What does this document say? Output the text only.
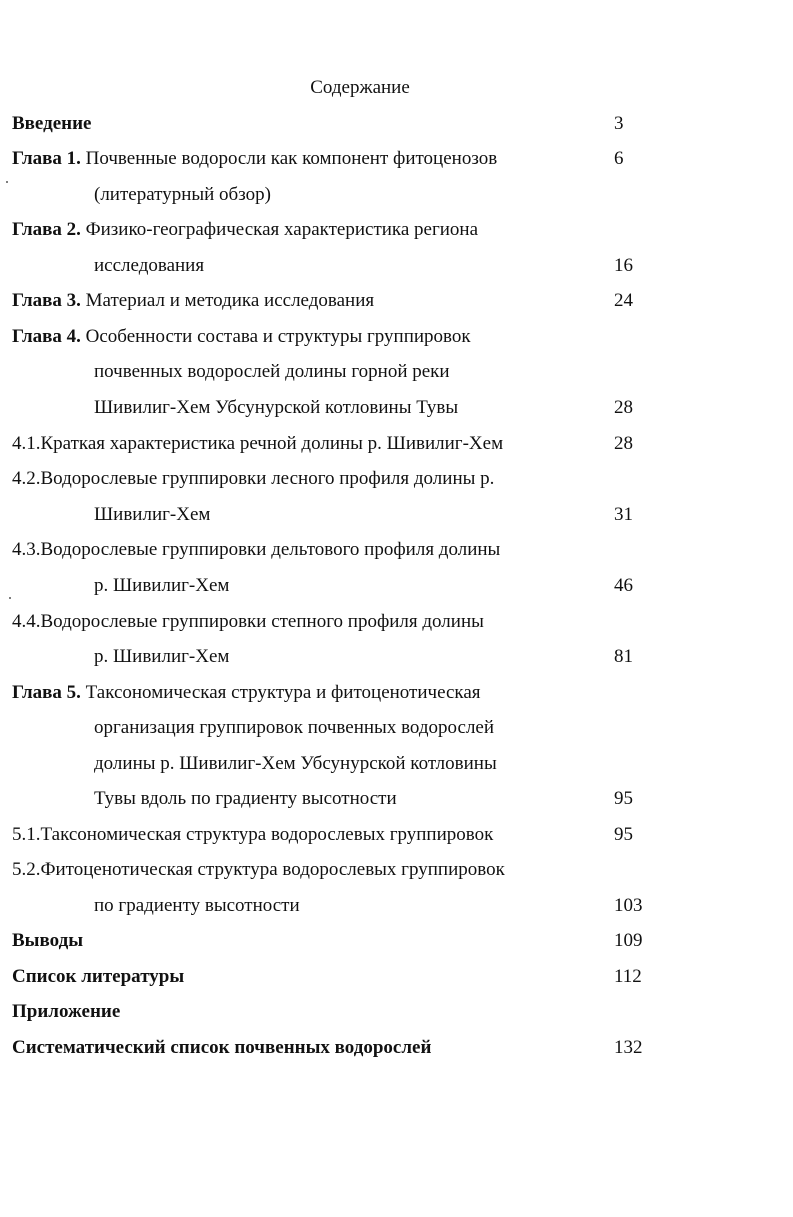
Содержание
Введение	3
Глава 1. Почвенные водоросли как компонент фитоценозов	6
(литературный обзор)
Глава 2. Физико-географическая характеристика региона
исследования	16
Глава 3. Материал и методика исследования	24
Глава 4. Особенности состава и структуры группировок
почвенных водорослей долины горной реки
Шивилиг-Хем Убсунурской котловины Тувы	28
4.1.Краткая характеристика речной долины р. Шивилиг-Хем	28
4.2.Водорослевые группировки лесного профиля долины р.
Шивилиг-Хем	31
4.3.Водорослевые группировки дельтового профиля долины
р. Шивилиг-Хем	46
4.4.Водорослевые группировки степного профиля долины
р. Шивилиг-Хем	81
Глава 5. Таксономическая структура и фитоценотическая
организация группировок почвенных водорослей
долины р. Шивилиг-Хем Убсунурской котловины
Тувы вдоль по градиенту высотности	95
5.1.Таксономическая структура водорослевых группировок	95
5.2.Фитоценотическая структура водорослевых группировок
по градиенту высотности	103
Выводы	109
Список литературы	112
Приложение
Систематический список почвенных водорослей	132
